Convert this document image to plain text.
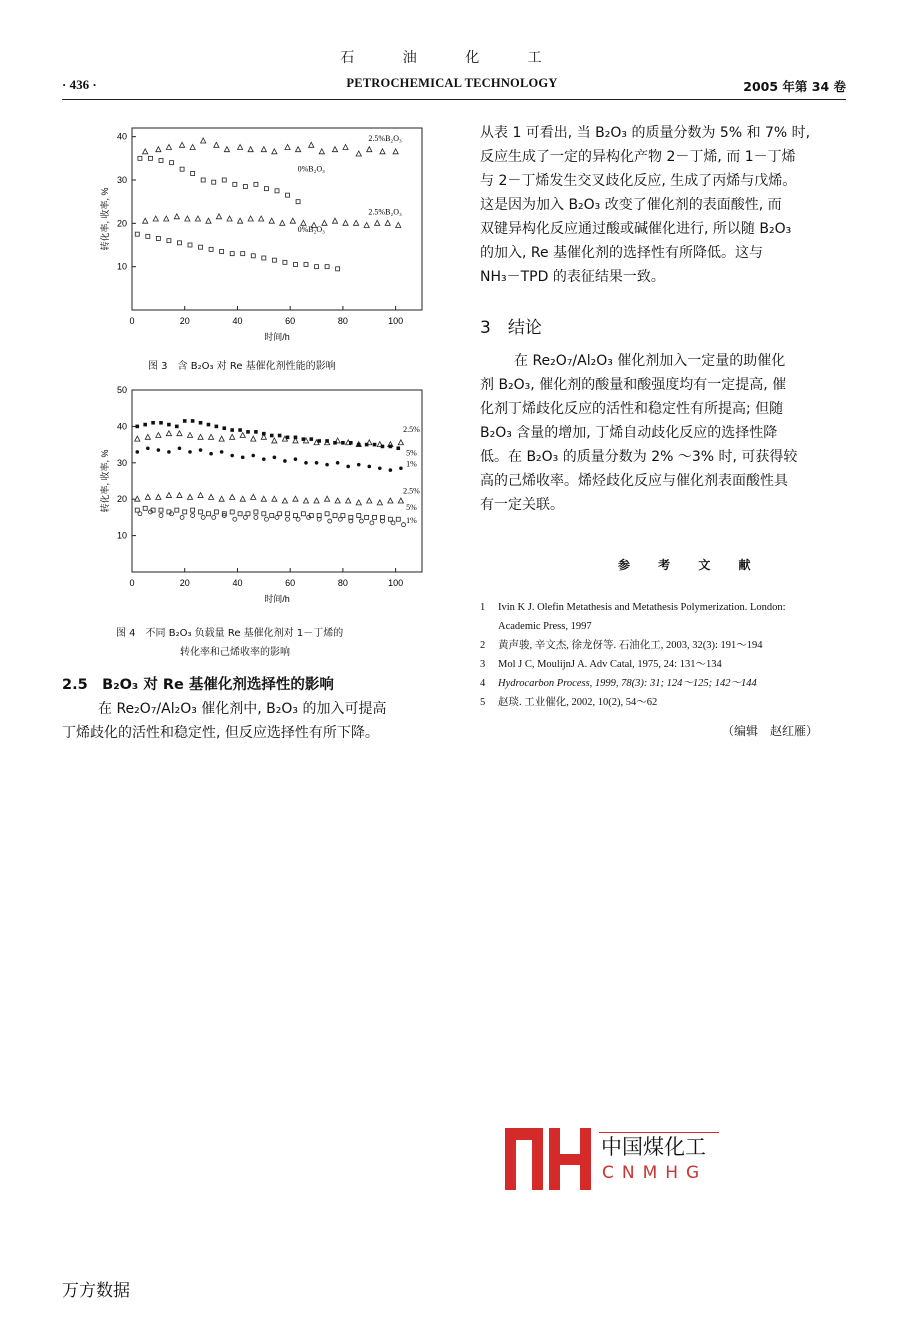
石 油 化 工
PETROCHEMICAL TECHNOLOGY
· 436 ·	2005 年第 34 卷
0	20	40	60	80	100
10
20
30
40
时间/h
转化率, 收率, %
2.5%B₂O₃
0%B₂O₃
2.5%B₂O₃
0%B₂O₃
图 3　含 B₂O₃ 对 Re 基催化剂性能的影响
0	20	40	60	80	100
10
20
30
40
50
时间/h
转化率, 收率, %
2.5%
5%
1%
2.5%
5%
1%
图 4　不同 B₂O₃ 负载量 Re 基催化剂对 1－丁烯的
转化率和己烯收率的影响
2.5　B₂O₃ 对 Re 基催化剂选择性的影响
在 Re₂O₇/Al₂O₃ 催化剂中, B₂O₃ 的加入可提高
丁烯歧化的活性和稳定性, 但反应选择性有所下降。
从表 1 可看出, 当 B₂O₃ 的质量分数为 5% 和 7% 时,
反应生成了一定的异构化产物 2－丁烯, 而 1－丁烯
与 2－丁烯发生交叉歧化反应, 生成了丙烯与戊烯。
这是因为加入 B₂O₃ 改变了催化剂的表面酸性, 而
双键异构化反应通过酸或碱催化进行, 所以随 B₂O₃
的加入, Re 基催化剂的选择性有所降低。这与
NH₃－TPD 的表征结果一致。
3　结论
在 Re₂O₇/Al₂O₃ 催化剂加入一定量的助催化
剂 B₂O₃, 催化剂的酸量和酸强度均有一定提高, 催
化剂丁烯歧化反应的活性和稳定性有所提高; 但随
B₂O₃ 含量的增加, 丁烯自动歧化反应的选择性降
低。在 B₂O₃ 的质量分数为 2% ～3% 时, 可获得较
高的己烯收率。烯烃歧化反应与催化剂表面酸性具
有一定关联。
参 考 文 献
1 Ivin K J. Olefin Metathesis and Metathesis Polymerization. London:
Academic Press, 1997
2 黄声骏, 辛文杰, 徐龙伢等. 石油化工, 2003, 32(3): 191～194
3 Mol J C, MoulijnJ A. Adv Catal, 1975, 24: 131～134
4 Hydrocarbon Process, 1999, 78(3): 31; 124～125; 142～144
5 赵琰. 工业催化, 2002, 10(2), 54～62
（编辑　赵红雁）
中国煤化工
CNMHG
万方数据
